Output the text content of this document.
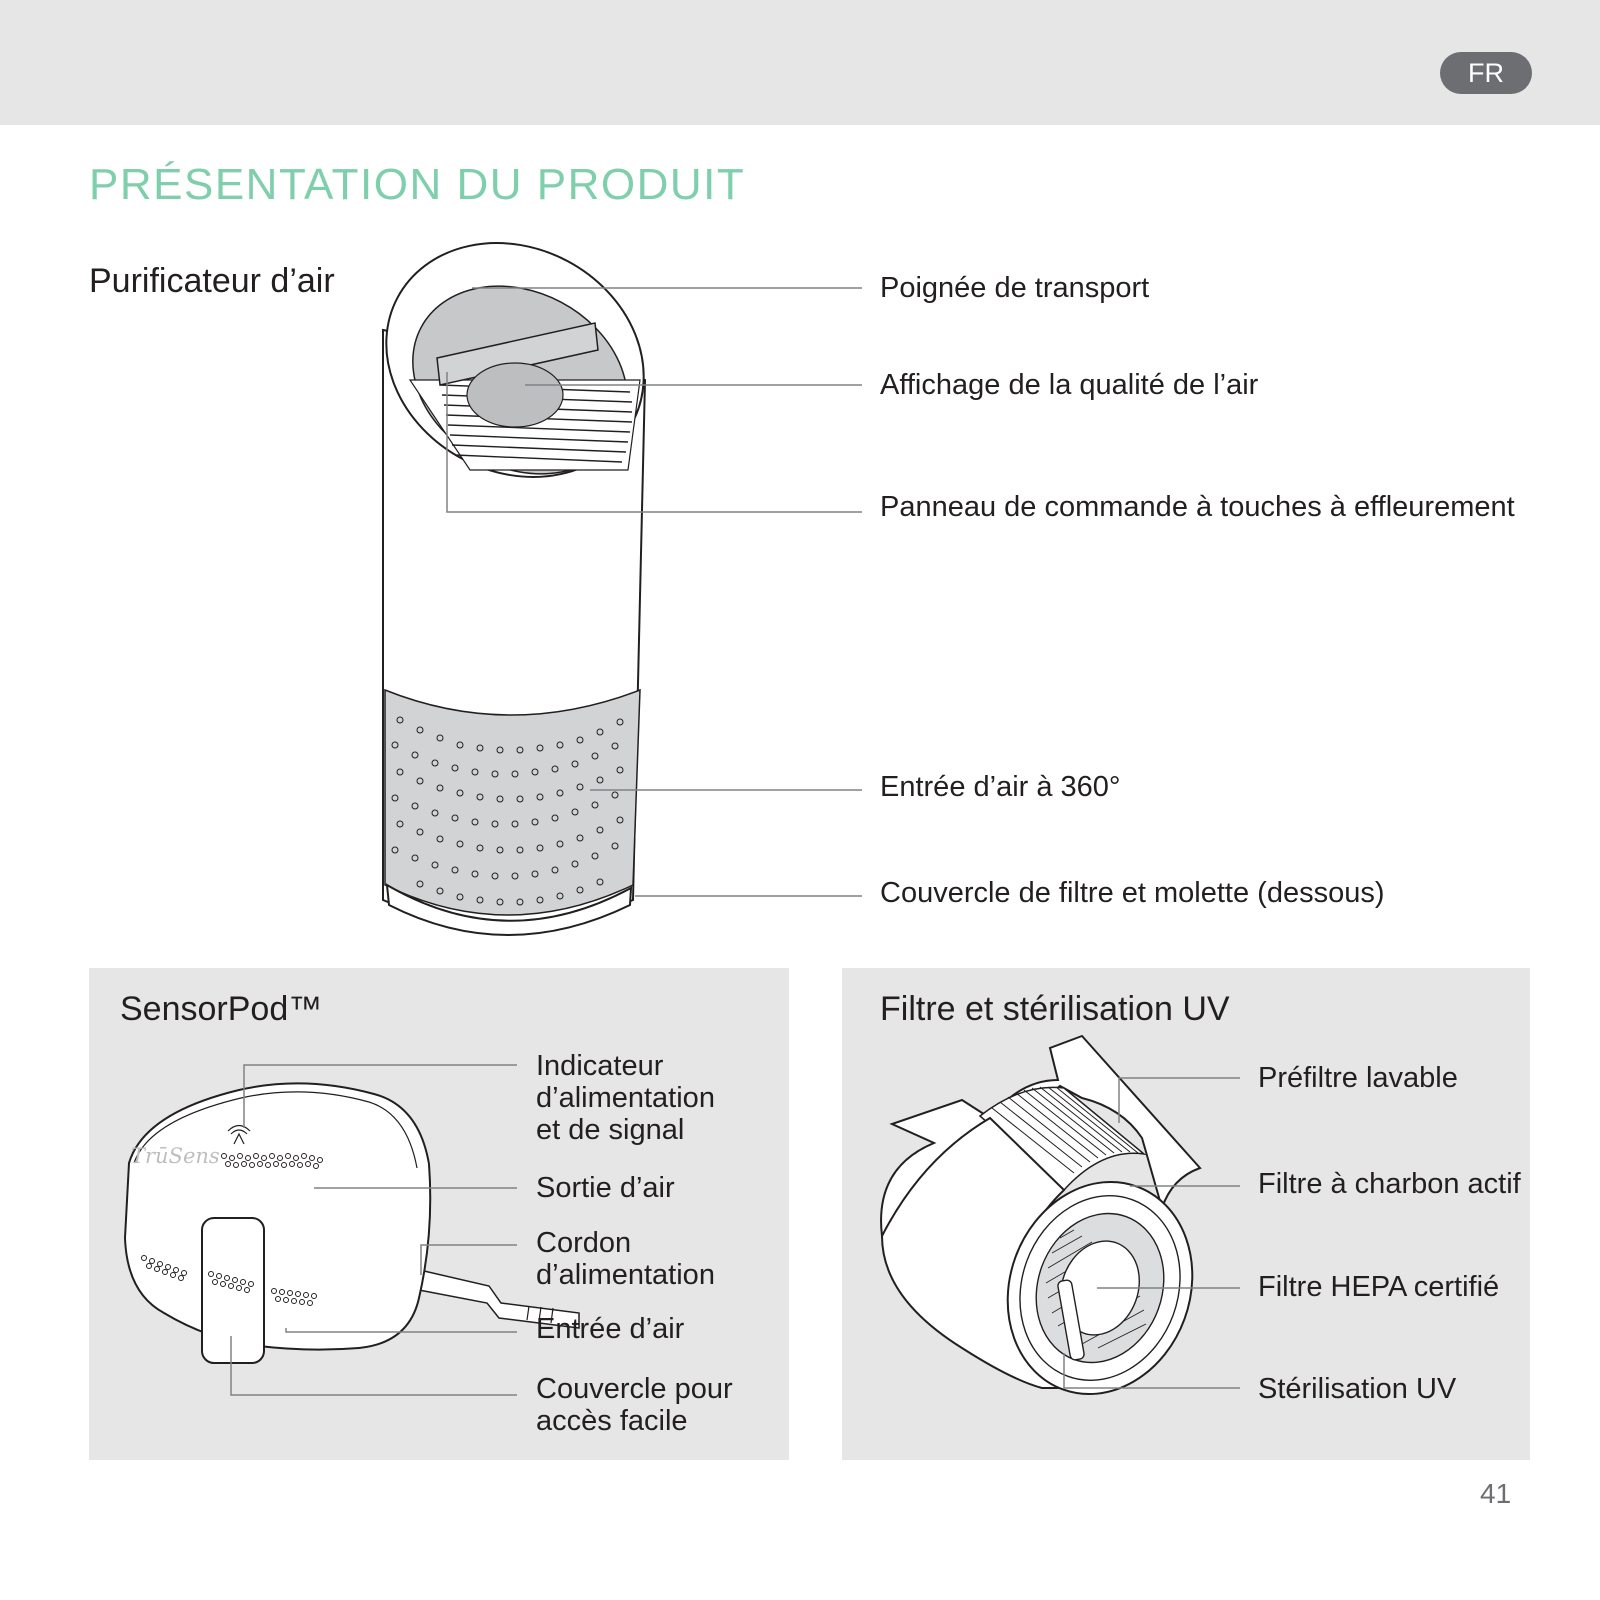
FR
PRÉSENTATION DU PRODUIT
Purificateur d’air	Poignée de transport
Affichage de la qualité de l’air
Panneau de commande à touches à effleurement
Entrée d’air à 360°
Couvercle de filtre et molette (dessous)
SensorPod™
TrūSens
Indicateur d’alimentation et de signal
Sortie d’air
Cordon d’alimentation
Entrée d’air
Couvercle pour accès facile
Filtre et stérilisation UV
Préfiltre lavable
Filtre à charbon actif
Filtre HEPA certifié
Stérilisation UV
41
